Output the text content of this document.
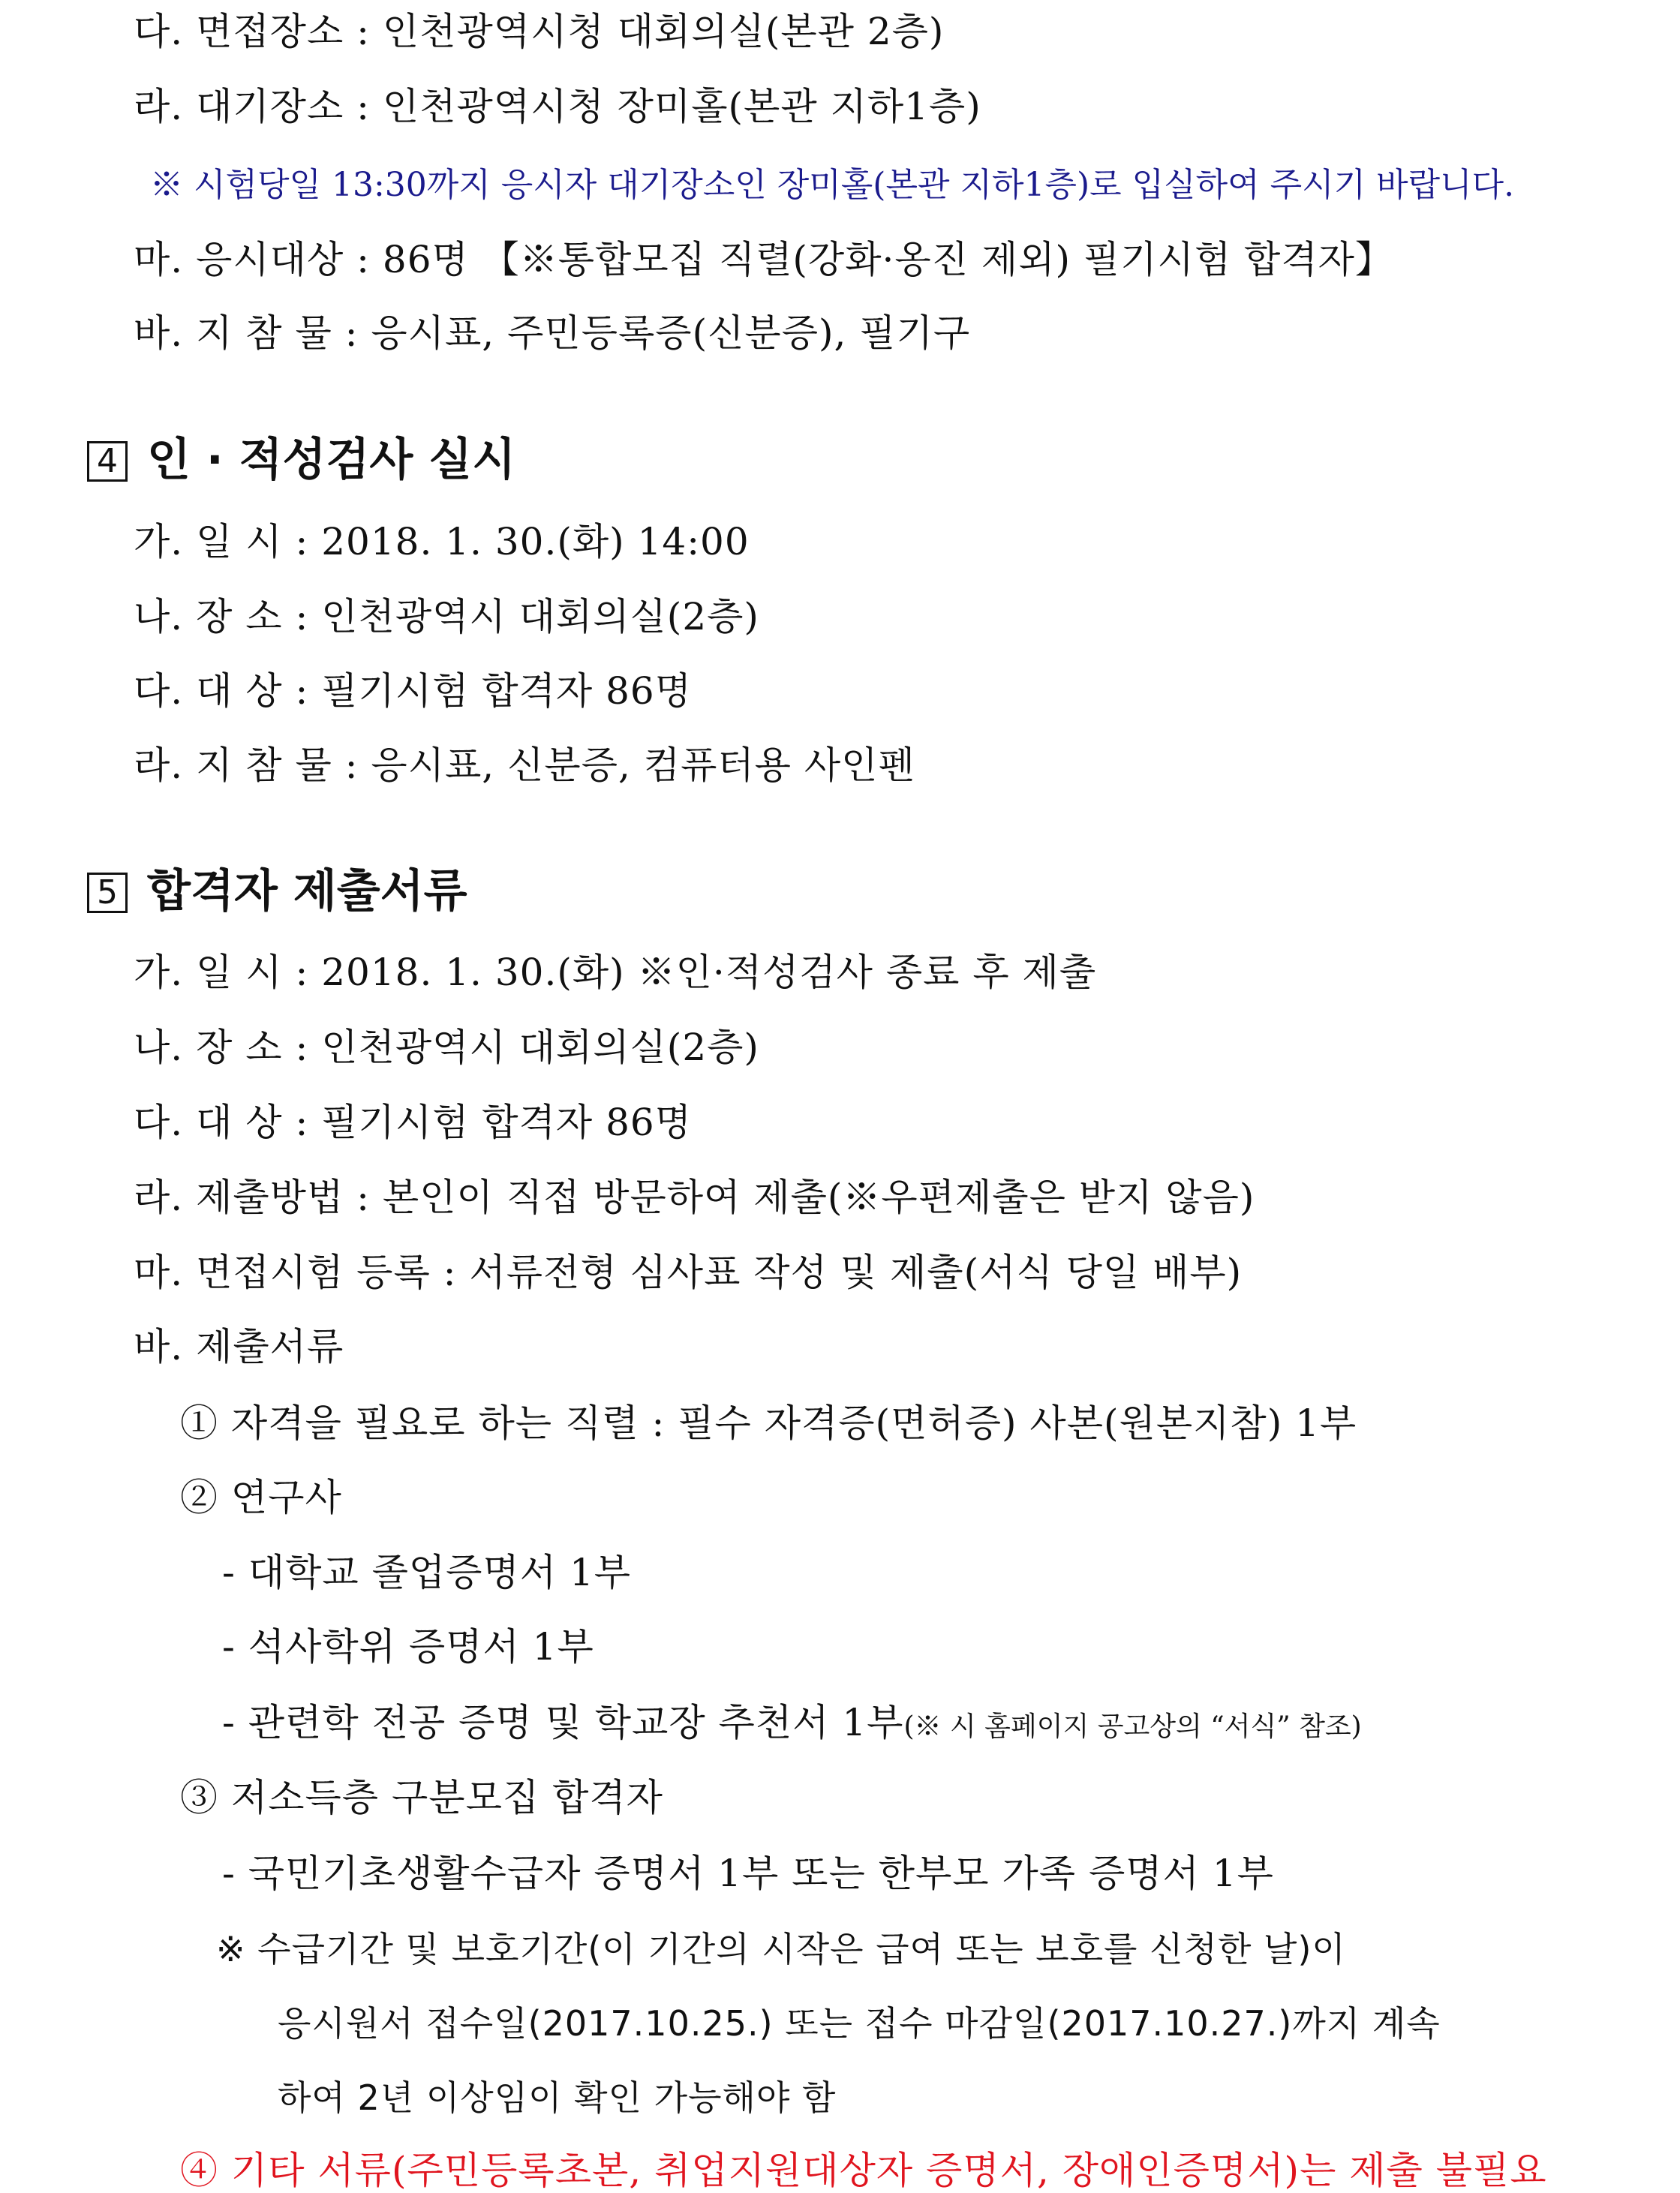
다. 면접장소 : 인천광역시청 대회의실(본관 2층)
라. 대기장소 : 인천광역시청 장미홀(본관 지하1층)
※ 시험당일 13:30까지 응시자 대기장소인 장미홀(본관 지하1층)로 입실하여 주시기 바랍니다.
마. 응시대상 : 86명 【※통합모집 직렬(강화·옹진 제외) 필기시험 합격자】
바. 지 참 물 : 응시표, 주민등록증(신분증), 필기구
4 인 · 적성검사 실시
가. 일 시 : 2018. 1. 30.(화) 14:00
나. 장 소 : 인천광역시 대회의실(2층)
다. 대 상 : 필기시험 합격자 86명
라. 지 참 물 : 응시표, 신분증, 컴퓨터용 사인펜
5 합격자 제출서류
가. 일 시 : 2018. 1. 30.(화) ※인·적성검사 종료 후 제출
나. 장 소 : 인천광역시 대회의실(2층)
다. 대 상 : 필기시험 합격자 86명
라. 제출방법 : 본인이 직접 방문하여 제출(※우편제출은 받지 않음)
마. 면접시험 등록 : 서류전형 심사표 작성 및 제출(서식 당일 배부)
바. 제출서류
① 자격을 필요로 하는 직렬 : 필수 자격증(면허증) 사본(원본지참) 1부
② 연구사
- 대학교 졸업증명서 1부
- 석사학위 증명서 1부
- 관련학 전공 증명 및 학교장 추천서 1부(※ 시 홈페이지 공고상의 “서식” 참조)
③ 저소득층 구분모집 합격자
- 국민기초생활수급자 증명서 1부 또는 한부모 가족 증명서 1부
※ 수급기간 및 보호기간(이 기간의 시작은 급여 또는 보호를 신청한 날)이
응시원서 접수일(2017.10.25.) 또는 접수 마감일(2017.10.27.)까지 계속
하여 2년 이상임이 확인 가능해야 함
④ 기타 서류(주민등록초본, 취업지원대상자 증명서, 장애인증명서)는 제출 불필요
